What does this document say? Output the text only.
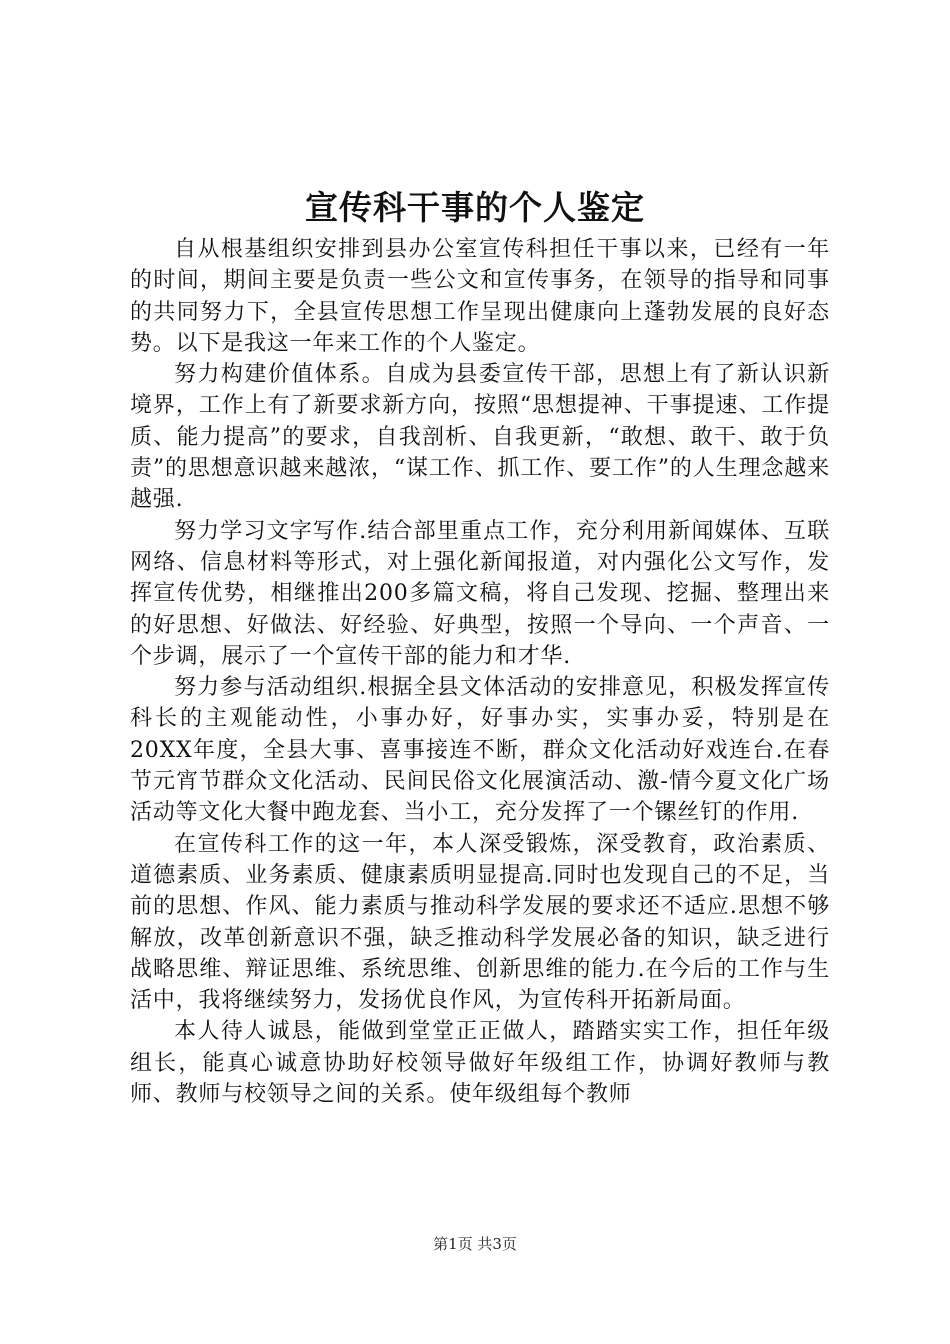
宣传科干事的个人鉴定

自从根基组织安排到县办公室宣传科担任干事以来，已经有一年的时间，期间主要是负责一些公文和宣传事务，在领导的指导和同事的共同努力下，全县宣传思想工作呈现出健康向上蓬勃发展的良好态势。以下是我这一年来工作的个人鉴定。

努力构建价值体系。自成为县委宣传干部，思想上有了新认识新境界，工作上有了新要求新方向，按照“思想提神、干事提速、工作提质、能力提高”的要求，自我剖析、自我更新，“敢想、敢干、敢于负责”的思想意识越来越浓，“谋工作、抓工作、要工作”的人生理念越来越强.

努力学习文字写作.结合部里重点工作，充分利用新闻媒体、互联网络、信息材料等形式，对上强化新闻报道，对内强化公文写作，发挥宣传优势，相继推出200多篇文稿，将自己发现、挖掘、整理出来的好思想、好做法、好经验、好典型，按照一个导向、一个声音、一个步调，展示了一个宣传干部的能力和才华.

努力参与活动组织.根据全县文体活动的安排意见，积极发挥宣传科长的主观能动性，小事办好，好事办实，实事办妥，特别是在20XX年度，全县大事、喜事接连不断，群众文化活动好戏连台.在春节元宵节群众文化活动、民间民俗文化展演活动、激-情今夏文化广场活动等文化大餐中跑龙套、当小工，充分发挥了一个镙丝钉的作用.

在宣传科工作的这一年，本人深受锻炼，深受教育，政治素质、道德素质、业务素质、健康素质明显提高.同时也发现自己的不足，当前的思想、作风、能力素质与推动科学发展的要求还不适应.思想不够解放，改革创新意识不强，缺乏推动科学发展必备的知识，缺乏进行战略思维、辩证思维、系统思维、创新思维的能力.在今后的工作与生活中，我将继续努力，发扬优良作风，为宣传科开拓新局面。

本人待人诚恳，能做到堂堂正正做人，踏踏实实工作，担任年级组长，能真心诚意协助好校领导做好年级组工作，协调好教师与教师、教师与校领导之间的关系。使年级组每个教师

第1页 共3页
